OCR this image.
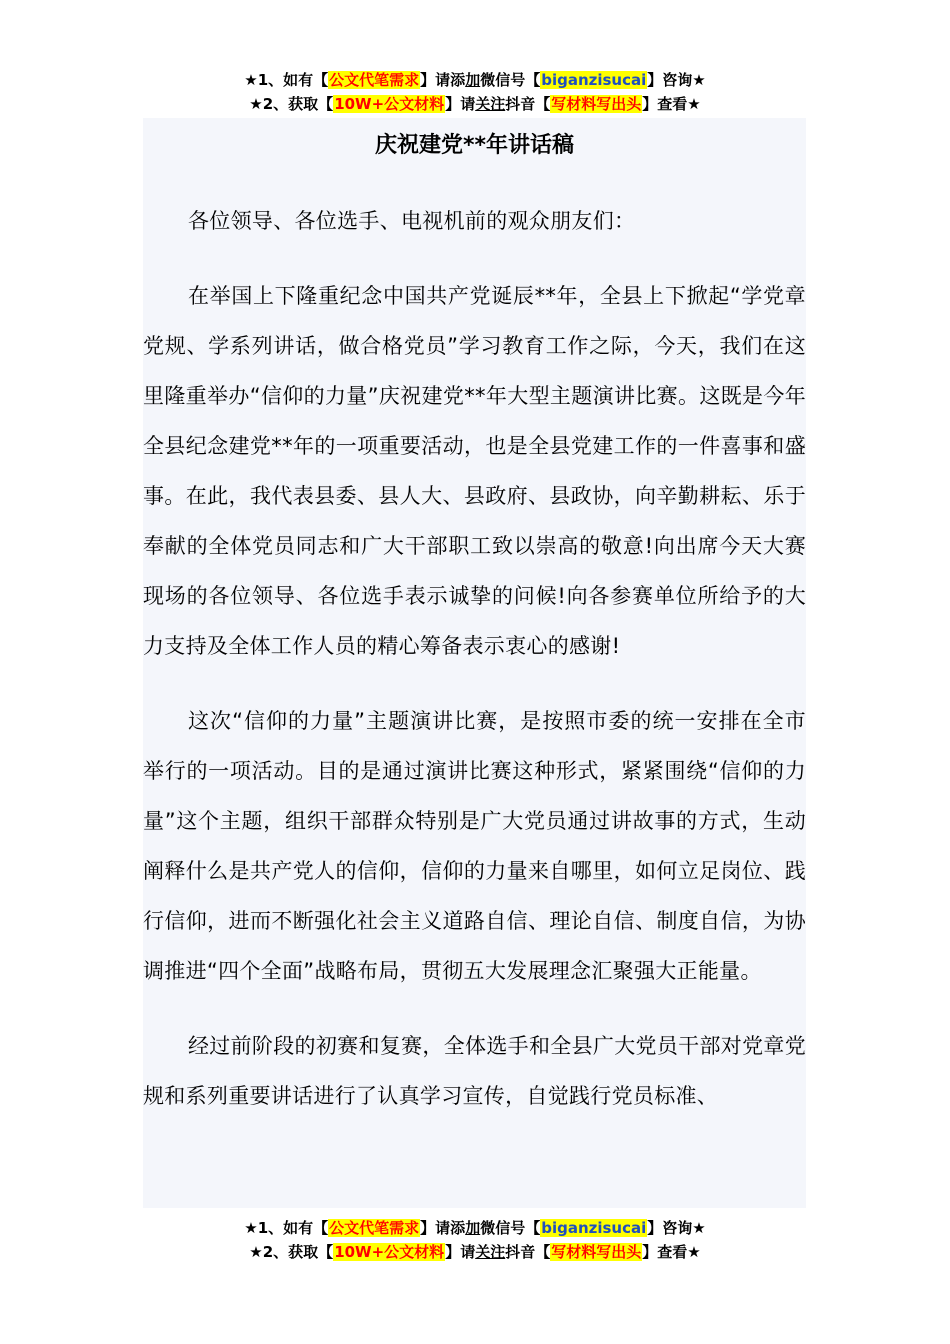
★1、如有【公文代笔需求】请添加微信号【biganzisucai】咨询★
★2、获取【10W+公文材料】请关注抖音【写材料写出头】查看★
庆祝建党**年讲话稿

各位领导、各位选手、电视机前的观众朋友们：

在举国上下隆重纪念中国共产党诞辰**年，全县上下掀起“学党章党规、学系列讲话，做合格党员”学习教育工作之际，今天，我们在这里隆重举办“信仰的力量”庆祝建党**年大型主题演讲比赛。这既是今年全县纪念建党**年的一项重要活动，也是全县党建工作的一件喜事和盛事。在此，我代表县委、县人大、县政府、县政协，向辛勤耕耘、乐于奉献的全体党员同志和广大干部职工致以崇高的敬意!向出席今天大赛现场的各位领导、各位选手表示诚挚的问候!向各参赛单位所给予的大力支持及全体工作人员的精心筹备表示衷心的感谢!

这次“信仰的力量”主题演讲比赛，是按照市委的统一安排在全市举行的一项活动。目的是通过演讲比赛这种形式，紧紧围绕“信仰的力量”这个主题，组织干部群众特别是广大党员通过讲故事的方式，生动阐释什么是共产党人的信仰，信仰的力量来自哪里，如何立足岗位、践行信仰，进而不断强化社会主义道路自信、理论自信、制度自信，为协调推进“四个全面”战略布局，贯彻五大发展理念汇聚强大正能量。

经过前阶段的初赛和复赛，全体选手和全县广大党员干部对党章党规和系列重要讲话进行了认真学习宣传，自觉践行党员标准、

★1、如有【公文代笔需求】请添加微信号【biganzisucai】咨询★
★2、获取【10W+公文材料】请关注抖音【写材料写出头】查看★
